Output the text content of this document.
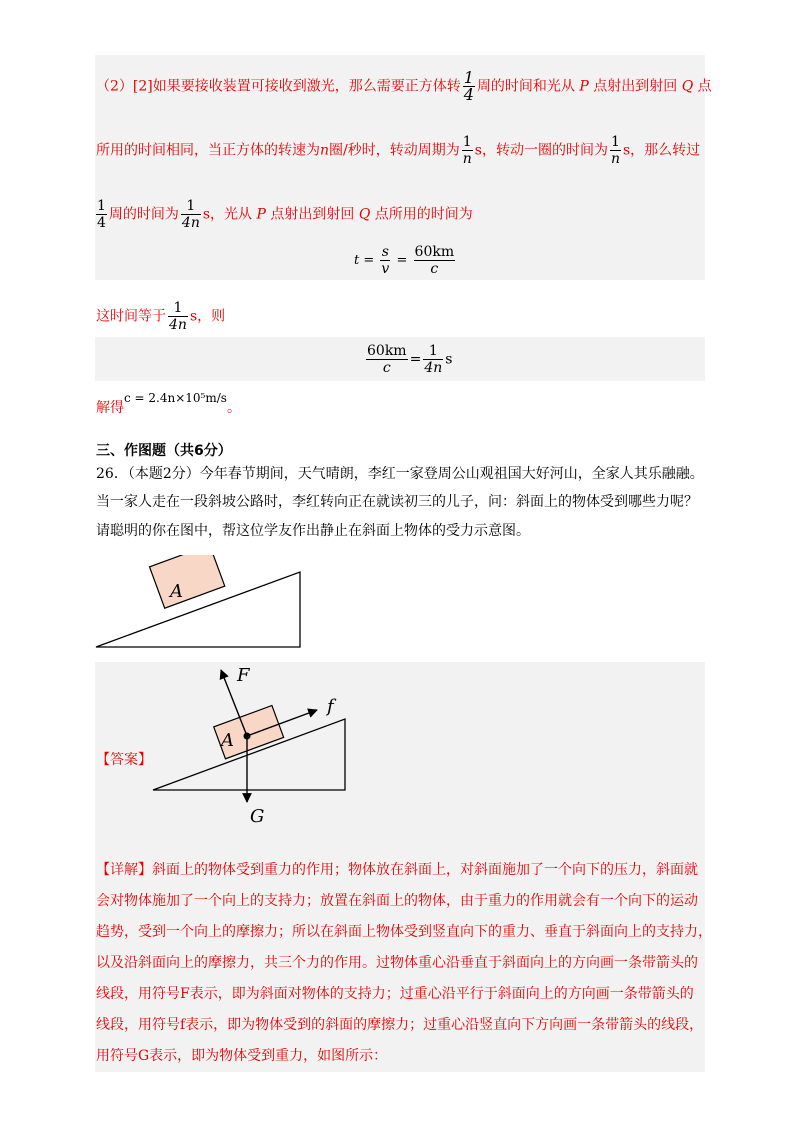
（2）[2]如果要接收装置可接收到激光，那么需要正方体转 $\frac{1}{4}$ 周的时间和光从 P 点射出到射回 Q 点
所用的时间相同，当正方体的转速为n圈/秒时，转动周期为 $\frac{1}{n}$ s，转动一圈的时间为 $\frac{1}{n}$ s，那么转过
$\frac{1}{4}$ 周的时间为 $\frac{1}{4n}$ s，光从 P 点射出到射回 Q 点所用的时间为
$t = \frac{s}{v} = \frac{60km}{c}$
这时间等于 $\frac{1}{4n}$ s，则
$\frac{60km}{c} = \frac{1}{4n}$ s
解得c = 2.4n×10⁵m/s。
三、作图题（共6分）
26．（本题2分）今年春节期间，天气晴朗，李红一家登周公山观祖国大好河山，全家人其乐融融。
当一家人走在一段斜坡公路时，李红转向正在就读初三的儿子，问：斜面上的物体受到哪些力呢？
请聪明的你在图中，帮这位学友作出静止在斜面上物体的受力示意图。
A
【答案】
A
F
f
G
【详解】斜面上的物体受到重力的作用；物体放在斜面上，对斜面施加了一个向下的压力，斜面就
会对物体施加了一个向上的支持力；放置在斜面上的物体，由于重力的作用就会有一个向下的运动
趋势，受到一个向上的摩擦力；所以在斜面上物体受到竖直向下的重力、垂直于斜面向上的支持力，
以及沿斜面向上的摩擦力，共三个力的作用。过物体重心沿垂直于斜面向上的方向画一条带箭头的
线段，用符号F表示，即为斜面对物体的支持力；过重心沿平行于斜面向上的方向画一条带箭头的
线段，用符号f表示，即为物体受到的斜面的摩擦力；过重心沿竖直向下方向画一条带箭头的线段，
用符号G表示，即为物体受到重力，如图所示：
